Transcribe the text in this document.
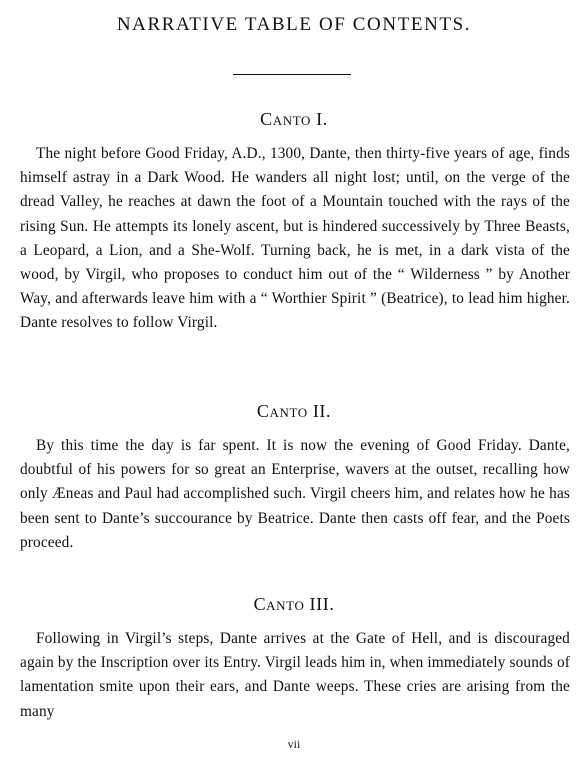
NARRATIVE TABLE OF CONTENTS.
Canto I.
The night before Good Friday, A.D., 1300, Dante, then thirty-five years of age, finds himself astray in a Dark Wood. He wanders all night lost; until, on the verge of the dread Valley, he reaches at dawn the foot of a Mountain touched with the rays of the rising Sun. He attempts its lonely ascent, but is hindered successively by Three Beasts, a Leopard, a Lion, and a She-Wolf. Turning back, he is met, in a dark vista of the wood, by Virgil, who proposes to conduct him out of the “ Wilderness ” by Another Way, and afterwards leave him with a “ Worthier Spirit ” (Beatrice), to lead him higher. Dante resolves to follow Virgil.
Canto II.
By this time the day is far spent. It is now the evening of Good Friday. Dante, doubtful of his powers for so great an Enterprise, wavers at the outset, recalling how only Æneas and Paul had accomplished such. Virgil cheers him, and relates how he has been sent to Dante’s succourance by Beatrice. Dante then casts off fear, and the Poets proceed.
Canto III.
Following in Virgil’s steps, Dante arrives at the Gate of Hell, and is discouraged again by the Inscription over its Entry. Virgil leads him in, when immediately sounds of lamentation smite upon their ears, and Dante weeps. These cries are arising from the many
vii
